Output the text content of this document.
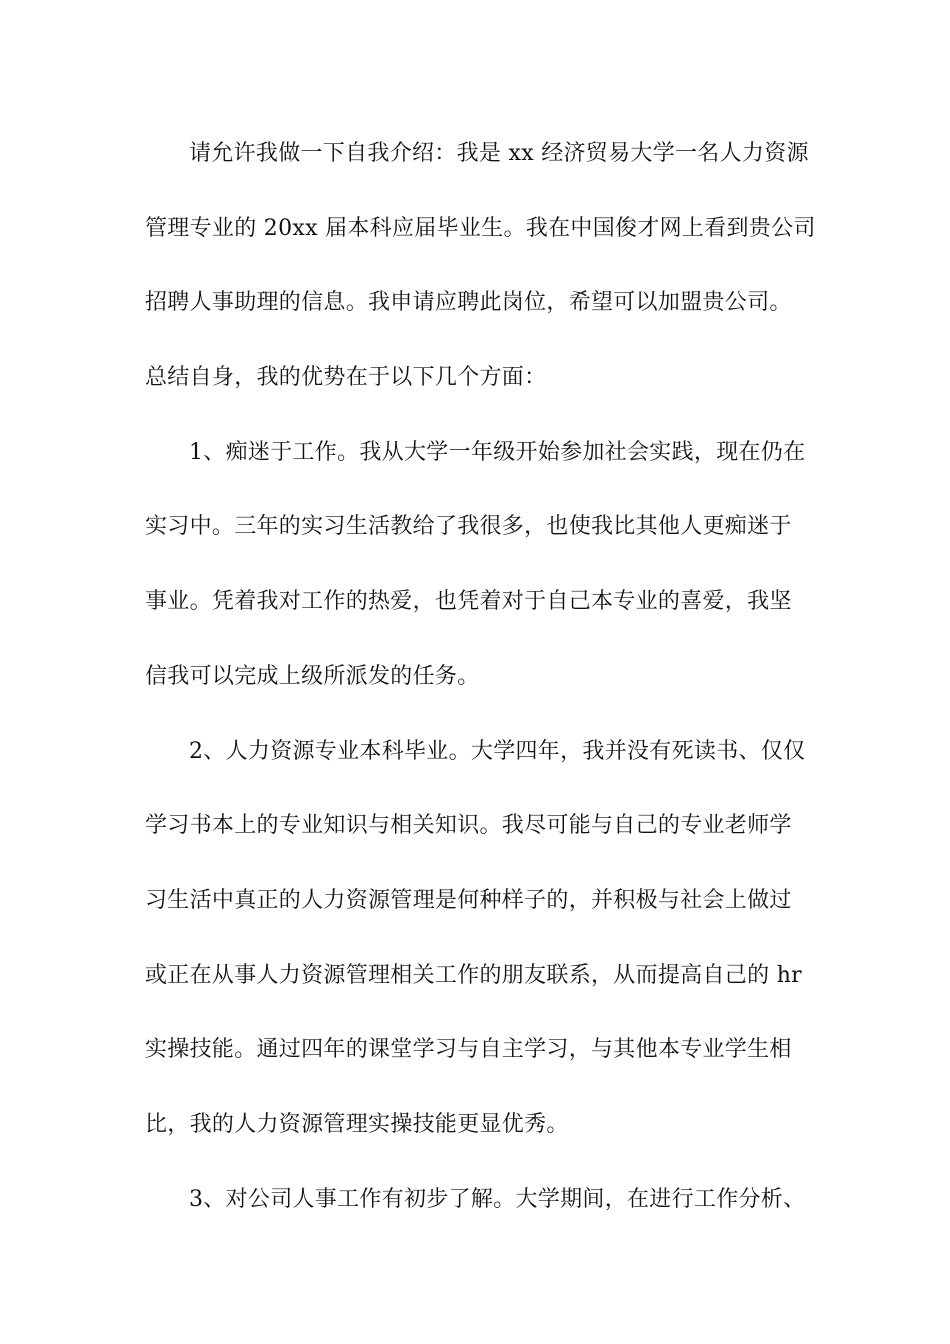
请允许我做一下自我介绍：我是 xx 经济贸易大学一名人力资源
管理专业的 20xx 届本科应届毕业生。我在中国俊才网上看到贵公司
招聘人事助理的信息。我申请应聘此岗位，希望可以加盟贵公司。
总结自身，我的优势在于以下几个方面：
1、痴迷于工作。我从大学一年级开始参加社会实践，现在仍在
实习中。三年的实习生活教给了我很多，也使我比其他人更痴迷于
事业。凭着我对工作的热爱，也凭着对于自己本专业的喜爱，我坚
信我可以完成上级所派发的任务。
2、人力资源专业本科毕业。大学四年，我并没有死读书、仅仅
学习书本上的专业知识与相关知识。我尽可能与自己的专业老师学
习生活中真正的人力资源管理是何种样子的，并积极与社会上做过
或正在从事人力资源管理相关工作的朋友联系，从而提高自己的 hr
实操技能。通过四年的课堂学习与自主学习，与其他本专业学生相
比，我的人力资源管理实操技能更显优秀。
3、对公司人事工作有初步了解。大学期间，在进行工作分析、
